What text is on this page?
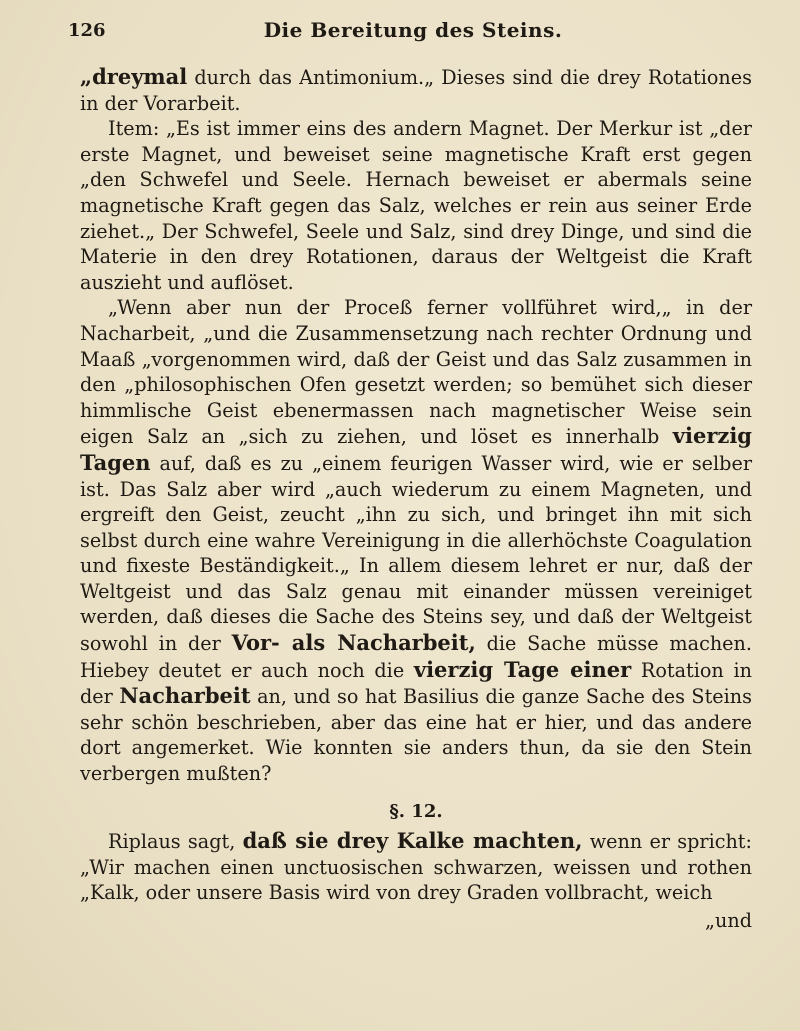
126	Die Bereitung des Steins.

„dreymal durch das Antimonium.„ Dieses sind die drey Rotationes in der Vorarbeit.

Item: „Es ist immer eins des andern Magnet. Der Merkur ist „der erste Magnet, und beweiset seine magnetische Kraft erst gegen „den Schwefel und Seele. Hernach beweiset er abermals seine magnetische Kraft gegen das Salz, welches er rein aus seiner Erde ziehet.„ Der Schwefel, Seele und Salz, sind drey Dinge, und sind die Materie in den drey Rotationen, daraus der Weltgeist die Kraft auszieht und auflöset.

„Wenn aber nun der Proceß ferner vollführet wird,„ in der Nacharbeit, „und die Zusammensetzung nach rechter Ordnung und Maaß „vorgenommen wird, daß der Geist und das Salz zusammen in den „philosophischen Ofen gesetzt werden; so bemühet sich dieser himmlische Geist ebenermassen nach magnetischer Weise sein eigen Salz an „sich zu ziehen, und löset es innerhalb vierzig Tagen auf, daß es zu „einem feurigen Wasser wird, wie er selber ist. Das Salz aber wird „auch wiederum zu einem Magneten, und ergreift den Geist, zeucht „ihn zu sich, und bringet ihn mit sich selbst durch eine wahre Vereinigung in die allerhöchste Coagulation und fixeste Beständigkeit.„ In allem diesem lehret er nur, daß der Weltgeist und das Salz genau mit einander müssen vereiniget werden, daß dieses die Sache des Steins sey, und daß der Weltgeist sowohl in der Vor- als Nacharbeit, die Sache müsse machen. Hiebey deutet er auch noch die vierzig Tage einer Rotation in der Nacharbeit an, und so hat Basilius die ganze Sache des Steins sehr schön beschrieben, aber das eine hat er hier, und das andere dort angemerket. Wie konnten sie anders thun, da sie den Stein verbergen mußten?

§. 12.

Riplaus sagt, daß sie drey Kalke machten, wenn er spricht: „Wir machen einen unctuosischen schwarzen, weissen und rothen „Kalk, oder unsere Basis wird von drey Graden vollbracht, weich

„und
